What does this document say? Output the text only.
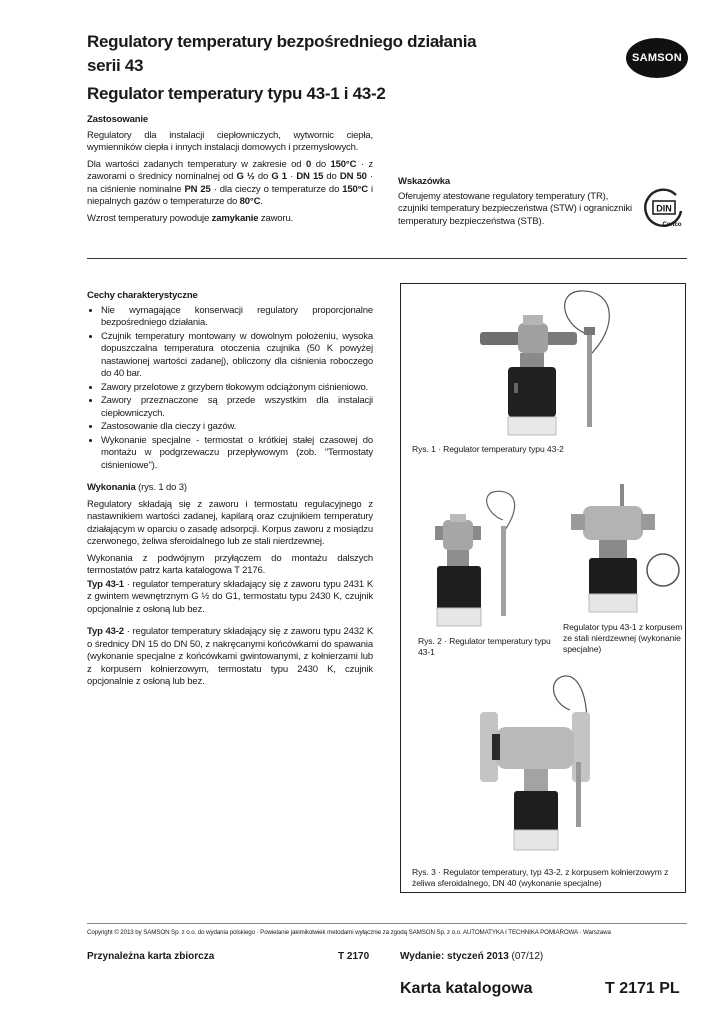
Regulatory temperatury bezpośredniego działania
serii 43
Regulator temperatury typu 43-1 i 43-2
SAMSON
Zastosowanie

Regulatory dla instalacji ciepłowniczych, wytwornic ciepła, wymienników ciepła i innych instalacji domowych i przemysłowych.

Dla wartości zadanych temperatury w zakresie od 0 do 150°C · z zaworami o średnicy nominalnej od G ½ do G 1 · DN 15 do DN 50 · na ciśnienie nominalne PN 25 · dla cieczy o temperaturze do 150°C i niepalnych gazów o temperaturze do 80°C.

Wzrost temperatury powoduje zamykanie zaworu.

Wskazówka
Oferujemy atestowane regulatory temperatury (TR), czujniki temperatury bezpieczeństwa (STW) i ograniczniki temperatury bezpieczeństwa (STB).
DIN
Certco
Cechy charakterystyczne
• Nie wymagające konserwacji regulatory proporcjonalne bezpośredniego działania.
• Czujnik temperatury montowany w dowolnym położeniu, wysoka dopuszczalna temperatura otoczenia czujnika (50 K powyżej nastawionej wartości zadanej), obliczony dla ciśnienia roboczego do 40 bar.
• Zawory przelotowe z grzybem tłokowym odciążonym ciśnieniowo.
• Zawory przeznaczone są przede wszystkim dla instalacji ciepłowniczych.
• Zastosowanie dla cieczy i gazów.
• Wykonanie specjalne - termostat o krótkiej stałej czasowej do montażu w podgrzewaczu przepływowym (zob. "Termostaty ciśnieniowe").
Wykonania (rys. 1 do 3)

Regulatory składają się z zaworu i termostatu regulacyjnego z nastawnikiem wartości zadanej, kapilarą oraz czujnikiem temperatury działającym w oparciu o zasadę adsorpcji. Korpus zaworu z mosiądzu czerwonego, żeliwa sferoidalnego lub ze stali nierdzewnej.

Wykonania z podwójnym przyłączem do montażu dalszych termostatów patrz karta katalogowa T 2176.

Typ 43-1 · regulator temperatury składający się z zaworu typu 2431 K z gwintem wewnętrznym G ½ do G1, termostatu typu 2430 K, czujnik opcjonalnie z osłoną lub bez.

Typ 43-2 · regulator temperatury składający się z zaworu typu 2432 K o średnicy DN 15 do DN 50, z nakręcanymi końcówkami do spawania (wykonanie specjalne z końcówkami gwintowanymi, z kołnierzami lub z korpusem kołnierzowym, termostatu typu 2430 K, czujnik opcjonalnie z osłoną lub bez.

Rys. 1 · Regulator temperatury typu 43-2
Rys. 2 · Regulator temperatury typu 43-1
Regulator typu 43-1 z korpusem ze stali nierdzewnej (wykonanie specjalne)
Rys. 3 · Regulator temperatury, typ 43-2, z korpusem kołnierzowym z żeliwa sferoidalnego, DN 40 (wykonanie specjalne)
Copyright © 2013 by SAMSON Sp. z o.o. do wydania polskiego · Powielanie jakimikolwiek metodami wyłącznie za zgodą SAMSON Sp. z o.o. AUTOMATYKA I TECHNIKA POMIAROWA · Warszawa
Przynależna karta zbiorcza	T 2170	Wydanie: styczeń 2013 (07/12)
Karta katalogowa	T 2171 PL
